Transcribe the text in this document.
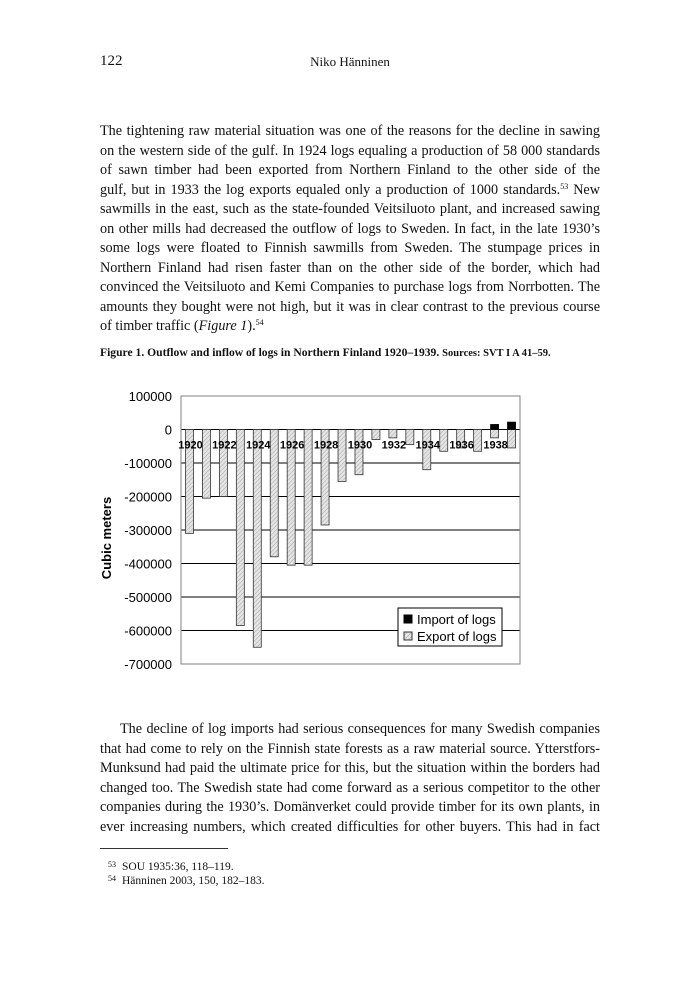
122	Niko Hänninen
The tightening raw material situation was one of the reasons for the decline in sawing
on the western side of the gulf. In 1924 logs equaling a production of 58 000 standards
of sawn timber had been exported from Northern Finland to the other side of the
gulf, but in 1933 the log exports equaled only a production of 1000 standards.$^{53}$ New
sawmills in the east, such as the state-founded Veitsiluoto plant, and increased sawing
on other mills had decreased the outflow of logs to Sweden. In fact, in the late 1930’s
some logs were floated to Finnish sawmills from Sweden. The stumpage prices in
Northern Finland had risen faster than on the other side of the border, which had
convinced the Veitsiluoto and Kemi Companies to purchase logs from Norrbotten. The
amounts they bought were not high, but it was in clear contrast to the previous course
of timber traffic (Figure 1).$^{54}$
Figure 1. Outflow and inflow of logs in Northern Finland 1920–1939. Sources: SVT I A 41–59.
100000
0
-100000
-200000
-300000
-400000
-500000
-600000
-700000
Cubic meters
1920 1922 1924 1926 1928 1930 1932 1934 1936 1938
Import of logs
Export of logs
The decline of log imports had serious consequences for many Swedish companies
that had come to rely on the Finnish state forests as a raw material source. Ytterstfors-
Munksund had paid the ultimate price for this, but the situation within the borders had
changed too. The Swedish state had come forward as a serious competitor to the other
companies during the 1930’s. Domänverket could provide timber for its own plants, in
ever increasing numbers, which created difficulties for other buyers. This had in fact
$^{53}$ SOU 1935:36, 118–119.
$^{54}$ Hänninen 2003, 150, 182–183.
